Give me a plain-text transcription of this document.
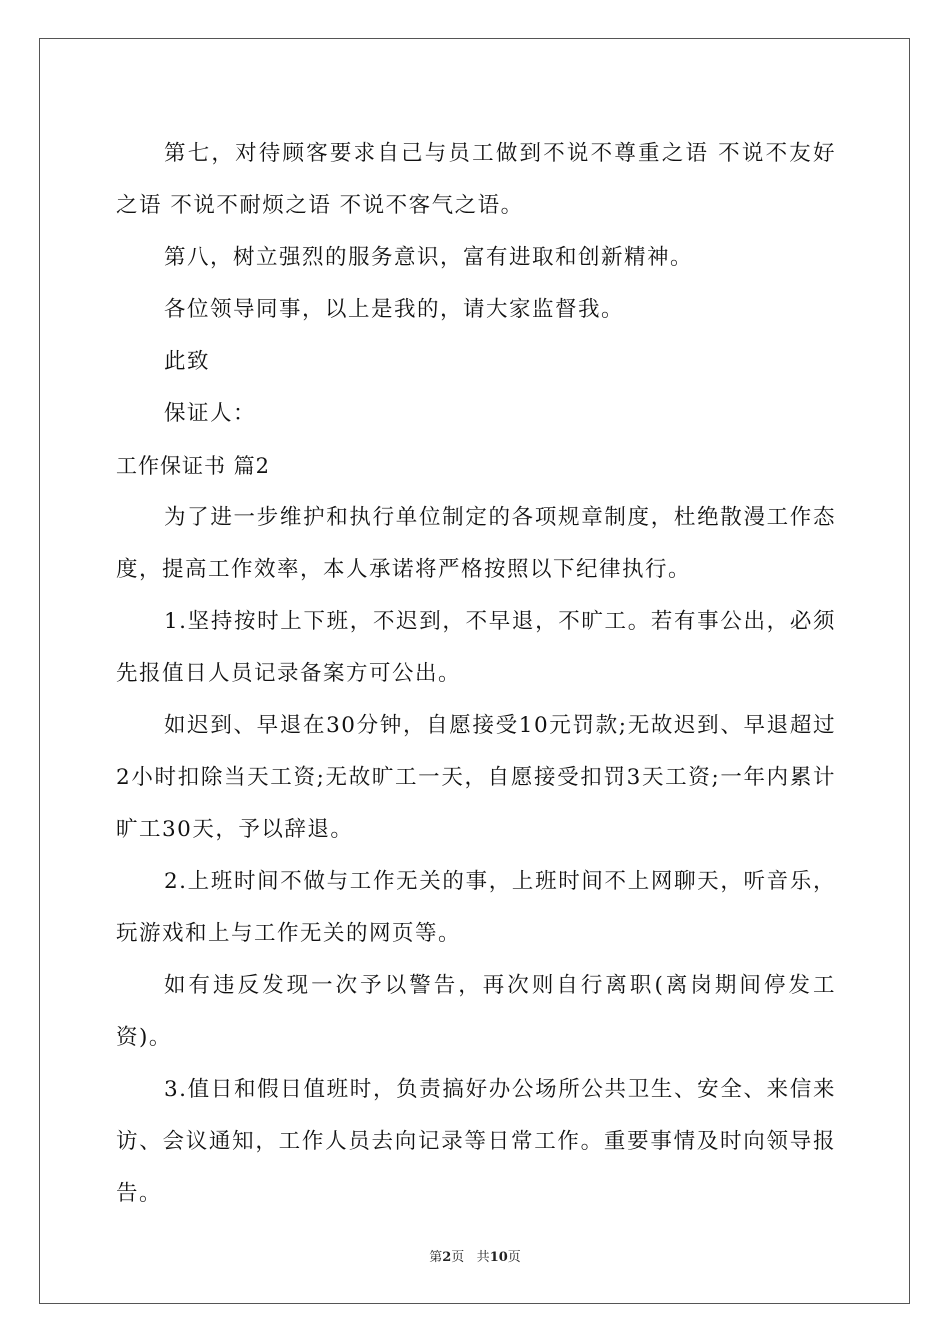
第七，对待顾客要求自己与员工做到不说不尊重之语 不说不友好之语 不说不耐烦之语 不说不客气之语。

第八，树立强烈的服务意识，富有进取和创新精神。

各位领导同事，以上是我的，请大家监督我。

此致

保证人：

工作保证书 篇2

为了进一步维护和执行单位制定的各项规章制度，杜绝散漫工作态度，提高工作效率，本人承诺将严格按照以下纪律执行。

1.坚持按时上下班，不迟到，不早退，不旷工。若有事公出，必须先报值日人员记录备案方可公出。

如迟到、早退在30分钟，自愿接受10元罚款;无故迟到、早退超过2小时扣除当天工资;无故旷工一天，自愿接受扣罚3天工资;一年内累计旷工30天，予以辞退。

2.上班时间不做与工作无关的事，上班时间不上网聊天，听音乐，玩游戏和上与工作无关的网页等。

如有违反发现一次予以警告，再次则自行离职(离岗期间停发工资)。

3.值日和假日值班时，负责搞好办公场所公共卫生、安全、来信来访、会议通知，工作人员去向记录等日常工作。重要事情及时向领导报告。

第2页 共10页
